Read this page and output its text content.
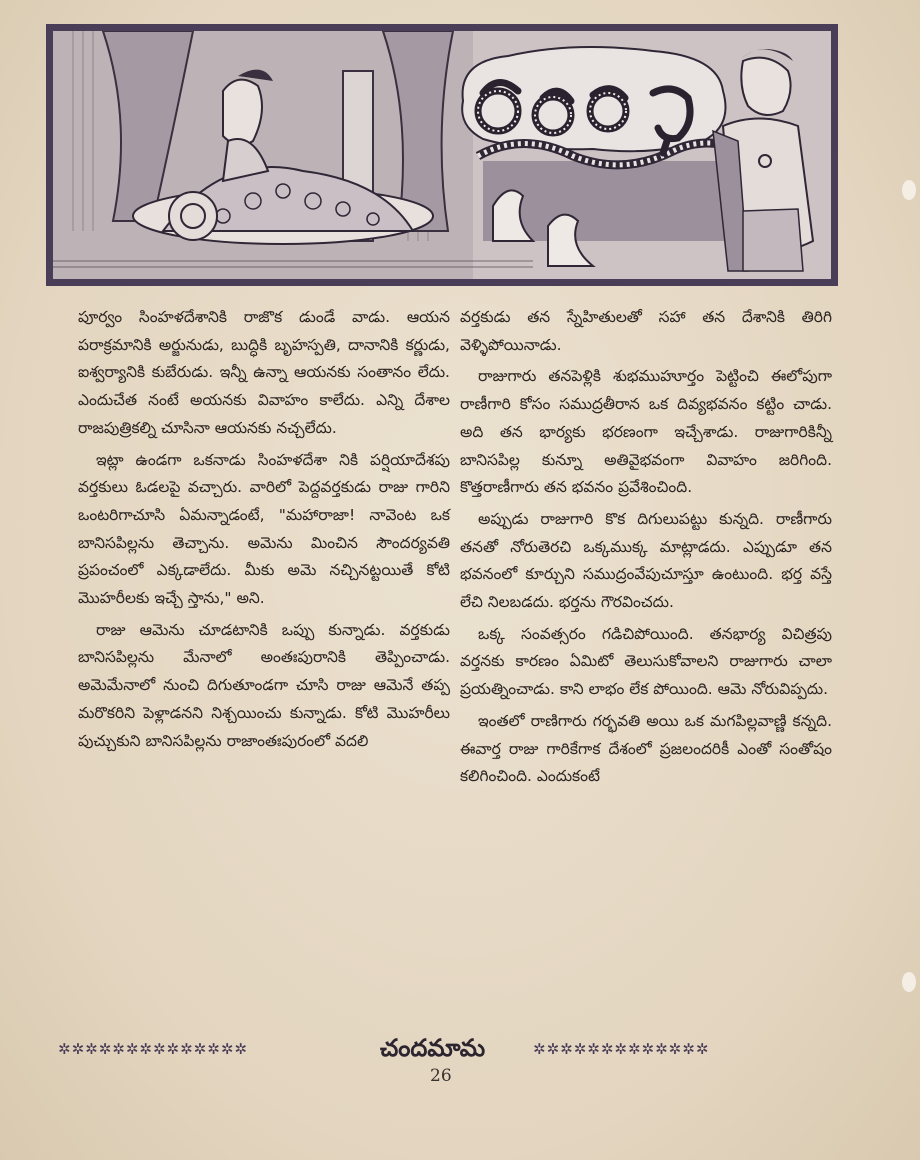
నాగకన్య

పూర్వం సింహళదేశానికి రాజొక డుండే వాడు. ఆయన పరాక్రమానికి అర్జునుడు, బుద్ధికి బృహస్పతి, దానానికి కర్ణుడు, ఐశ్వర్యానికి కుబేరుడు. ఇన్నీ ఉన్నా ఆయనకు సంతానం లేదు. ఎందుచేత నంటే అయనకు వివాహం కాలేదు. ఎన్ని దేశాల రాజపుత్రికల్ని చూసినా ఆయనకు నచ్చలేదు.

ఇట్లా ఉండగా ఒకనాడు సింహళదేశా నికి పర్షియాదేశపు వర్తకులు ఓడలపై వచ్చారు. వారిలో పెద్దవర్తకుడు రాజు గారిని ఒంటరిగాచూసి ఏమన్నాడంటే, "మహారాజా! నావెంట ఒక బానిసపిల్లను తెచ్చాను. అమెను మించిన సౌందర్యవతి ప్రపంచంలో ఎక్కడాలేదు. మీకు అమె నచ్చినట్టయితే కోటి మొహరీలకు ఇచ్చే స్తాను," అని.

రాజు ఆమెను చూడటానికి ఒప్పు కున్నాడు. వర్తకుడు బానిసపిల్లను మేనాలో అంతఃపురానికి తెప్పించాడు. అమెమేనాలో నుంచి దిగుతూండగా చూసి రాజు ఆమెనే తప్ప మరొకరిని పెళ్లాడనని నిశ్చయించు కున్నాడు. కోటి మొహరీలు పుచ్చుకుని బానిసపిల్లను రాజాంతఃపురంలో వదలి

వర్తకుడు తన స్నేహితులతో సహా తన దేశానికి తిరిగి వెళ్ళిపోయినాడు.

రాజుగారు తనపెళ్లికి శుభముహూర్తం పెట్టించి ఈలోపుగా రాణీగారి కోసం సముద్రతీరాన ఒక దివ్యభవనం కట్టిం చాడు. అది తన భార్యకు భరణంగా ఇచ్చేశాడు. రాజుగారికిన్నీ బానిసపిల్ల కున్నూ అతివైభవంగా వివాహం జరిగింది. కొత్తరాణీగారు తన భవనం ప్రవేశించింది.

అప్పుడు రాజుగారి కొక దిగులుపట్టు కున్నది. రాణీగారు తనతో నోరుతెరచి ఒక్కముక్క మాట్లాడదు. ఎప్పుడూ తన భవనంలో కూర్చుని సముద్రంవేపుచూస్తూ ఉంటుంది. భర్త వస్తే లేచి నిలబడదు. భర్తను గౌరవించదు.

ఒక్క సంవత్సరం గడిచిపోయింది. తనభార్య విచిత్రపు వర్తనకు కారణం ఏమిటో తెలుసుకోవాలని రాజుగారు చాలా ప్రయత్నించాడు. కాని లాభం లేక పోయింది. ఆమె నోరువిప్పదు.

ఇంతలో రాణిగారు గర్భవతి అయి ఒక మగపిల్లవాణ్ణి కన్నది. ఈవార్త రాజు గారికేగాక దేశంలో ప్రజలందరికీ ఎంతో సంతోషం కలిగించింది. ఎందుకంటే

✲✲✲✲✲✲✲✲✲✲✲✲✲✲	చందమామ	✲✲✲✲✲✲✲✲✲✲✲✲✲
26
